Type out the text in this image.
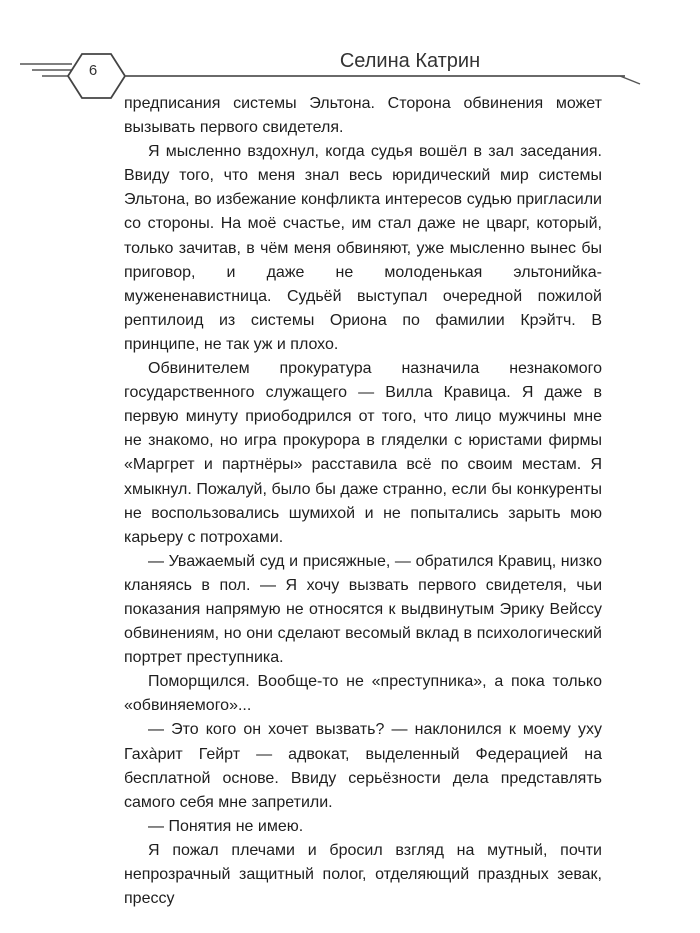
6	Селина Катрин

предписания системы Эльтона. Сторона обвинения может вызывать первого свидетеля.

Я мысленно вздохнул, когда судья вошёл в зал заседания. Ввиду того, что меня знал весь юридический мир системы Эльтона, во избежание конфликта интересов судью пригласили со стороны. На моё счастье, им стал даже не цварг, который, только зачитав, в чём меня обвиняют, уже мысленно вынес бы приговор, и даже не молоденькая эльтонийка-мужененавистница. Судьёй выступал очередной пожилой рептилоид из системы Ориона по фамилии Крэйтч. В принципе, не так уж и плохо.

Обвинителем прокуратура назначила незнакомого государственного служащего — Вилла Кравица. Я даже в первую минуту приободрился от того, что лицо мужчины мне не знакомо, но игра прокурора в гляделки с юристами фирмы «Маргрет и партнёры» расставила всё по своим местам. Я хмыкнул. Пожалуй, было бы даже странно, если бы конкуренты не воспользовались шумихой и не попытались зарыть мою карьеру с потрохами.

— Уважаемый суд и присяжные, — обратился Кравиц, низко кланяясь в пол. — Я хочу вызвать первого свидетеля, чьи показания напрямую не относятся к выдвинутым Эрику Вейссу обвинениям, но они сделают весомый вклад в психологический портрет преступника.

Поморщился. Вообще-то не «преступника», а пока только «обвиняемого»...

— Это кого он хочет вызвать? — наклонился к моему уху Гахàрит Гейрт — адвокат, выделенный Федерацией на бесплатной основе. Ввиду серьёзности дела представлять самого себя мне запретили.

— Понятия не имею.

Я пожал плечами и бросил взгляд на мутный, почти непрозрачный защитный полог, отделяющий праздных зевак, прессу
